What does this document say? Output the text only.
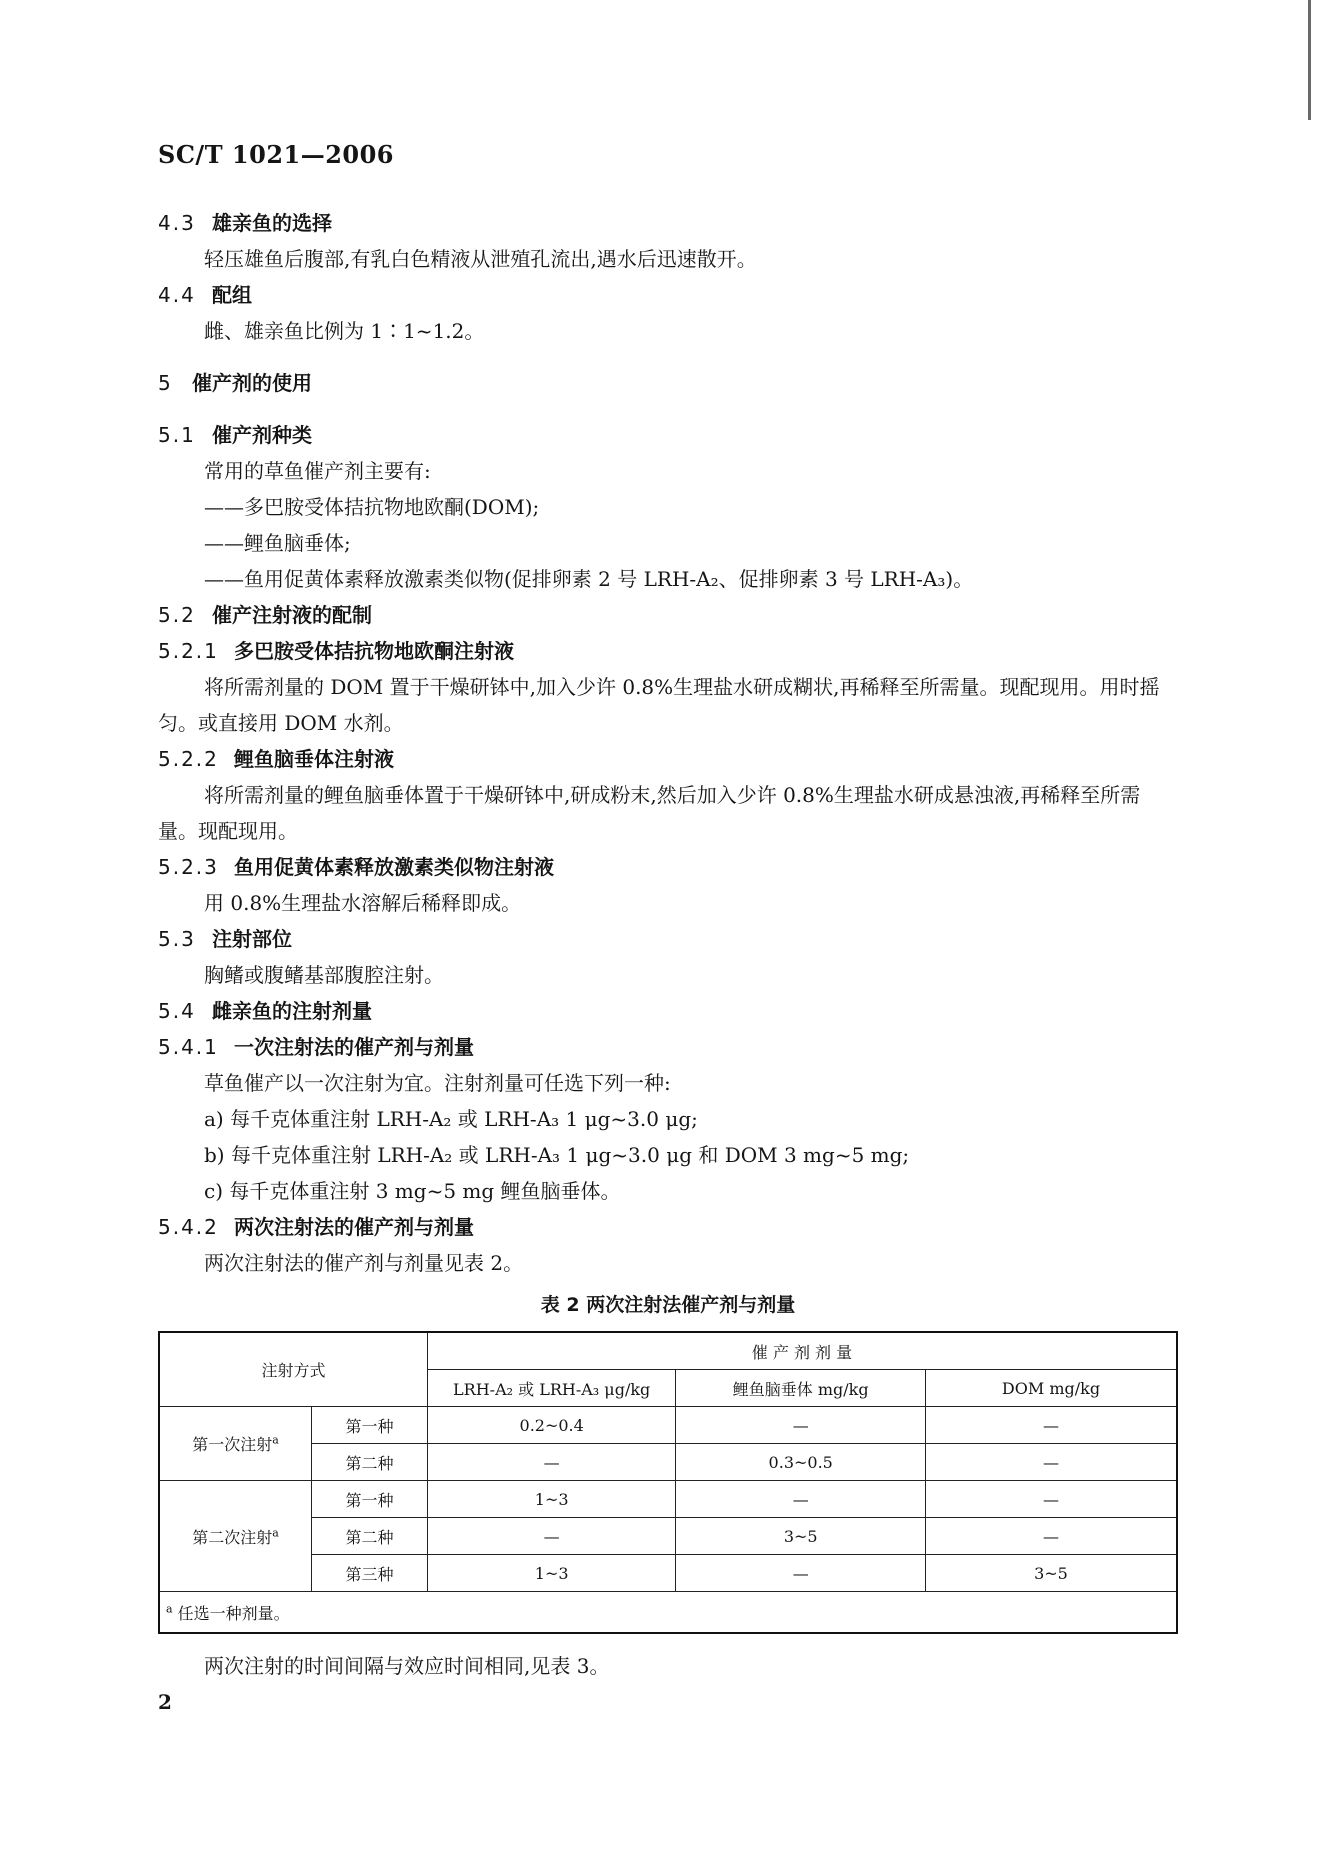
SC/T 1021—2006
4.3 雄亲鱼的选择
轻压雄鱼后腹部,有乳白色精液从泄殖孔流出,遇水后迅速散开。
4.4 配组
雌、雄亲鱼比例为 1∶1~1.2。
5 催产剂的使用
5.1 催产剂种类
常用的草鱼催产剂主要有:
——多巴胺受体拮抗物地欧酮(DOM);
——鲤鱼脑垂体;
——鱼用促黄体素释放激素类似物(促排卵素 2 号 LRH-A₂、促排卵素 3 号 LRH-A₃)。
5.2 催产注射液的配制
5.2.1 多巴胺受体拮抗物地欧酮注射液
将所需剂量的 DOM 置于干燥研钵中,加入少许 0.8%生理盐水研成糊状,再稀释至所需量。现配现用。用时摇匀。或直接用 DOM 水剂。
5.2.2 鲤鱼脑垂体注射液
将所需剂量的鲤鱼脑垂体置于干燥研钵中,研成粉末,然后加入少许 0.8%生理盐水研成悬浊液,再稀释至所需量。现配现用。
5.2.3 鱼用促黄体素释放激素类似物注射液
用 0.8%生理盐水溶解后稀释即成。
5.3 注射部位
胸鳍或腹鳍基部腹腔注射。
5.4 雌亲鱼的注射剂量
5.4.1 一次注射法的催产剂与剂量
草鱼催产以一次注射为宜。注射剂量可任选下列一种:
a) 每千克体重注射 LRH-A₂ 或 LRH-A₃ 1 μg~3.0 μg;
b) 每千克体重注射 LRH-A₂ 或 LRH-A₃ 1 μg~3.0 μg 和 DOM 3 mg~5 mg;
c) 每千克体重注射 3 mg~5 mg 鲤鱼脑垂体。
5.4.2 两次注射法的催产剂与剂量
两次注射法的催产剂与剂量见表 2。
表 2 两次注射法催产剂与剂量
注射方式		催 产 剂 剂 量		
		LRH-A₂ 或 LRH-A₃ μg/kg	鲤鱼脑垂体 mg/kg	DOM mg/kg
第一次注射$^a$	第一种	0.2~0.4	—	—
	第二种	—	0.3~0.5	—
第二次注射$^a$	第一种	1~3	—	—
	第二种	—	3~5	—
	第三种	1~3	—	3~5
$^a$ 任选一种剂量。				
两次注射的时间间隔与效应时间相同,见表 3。
2
